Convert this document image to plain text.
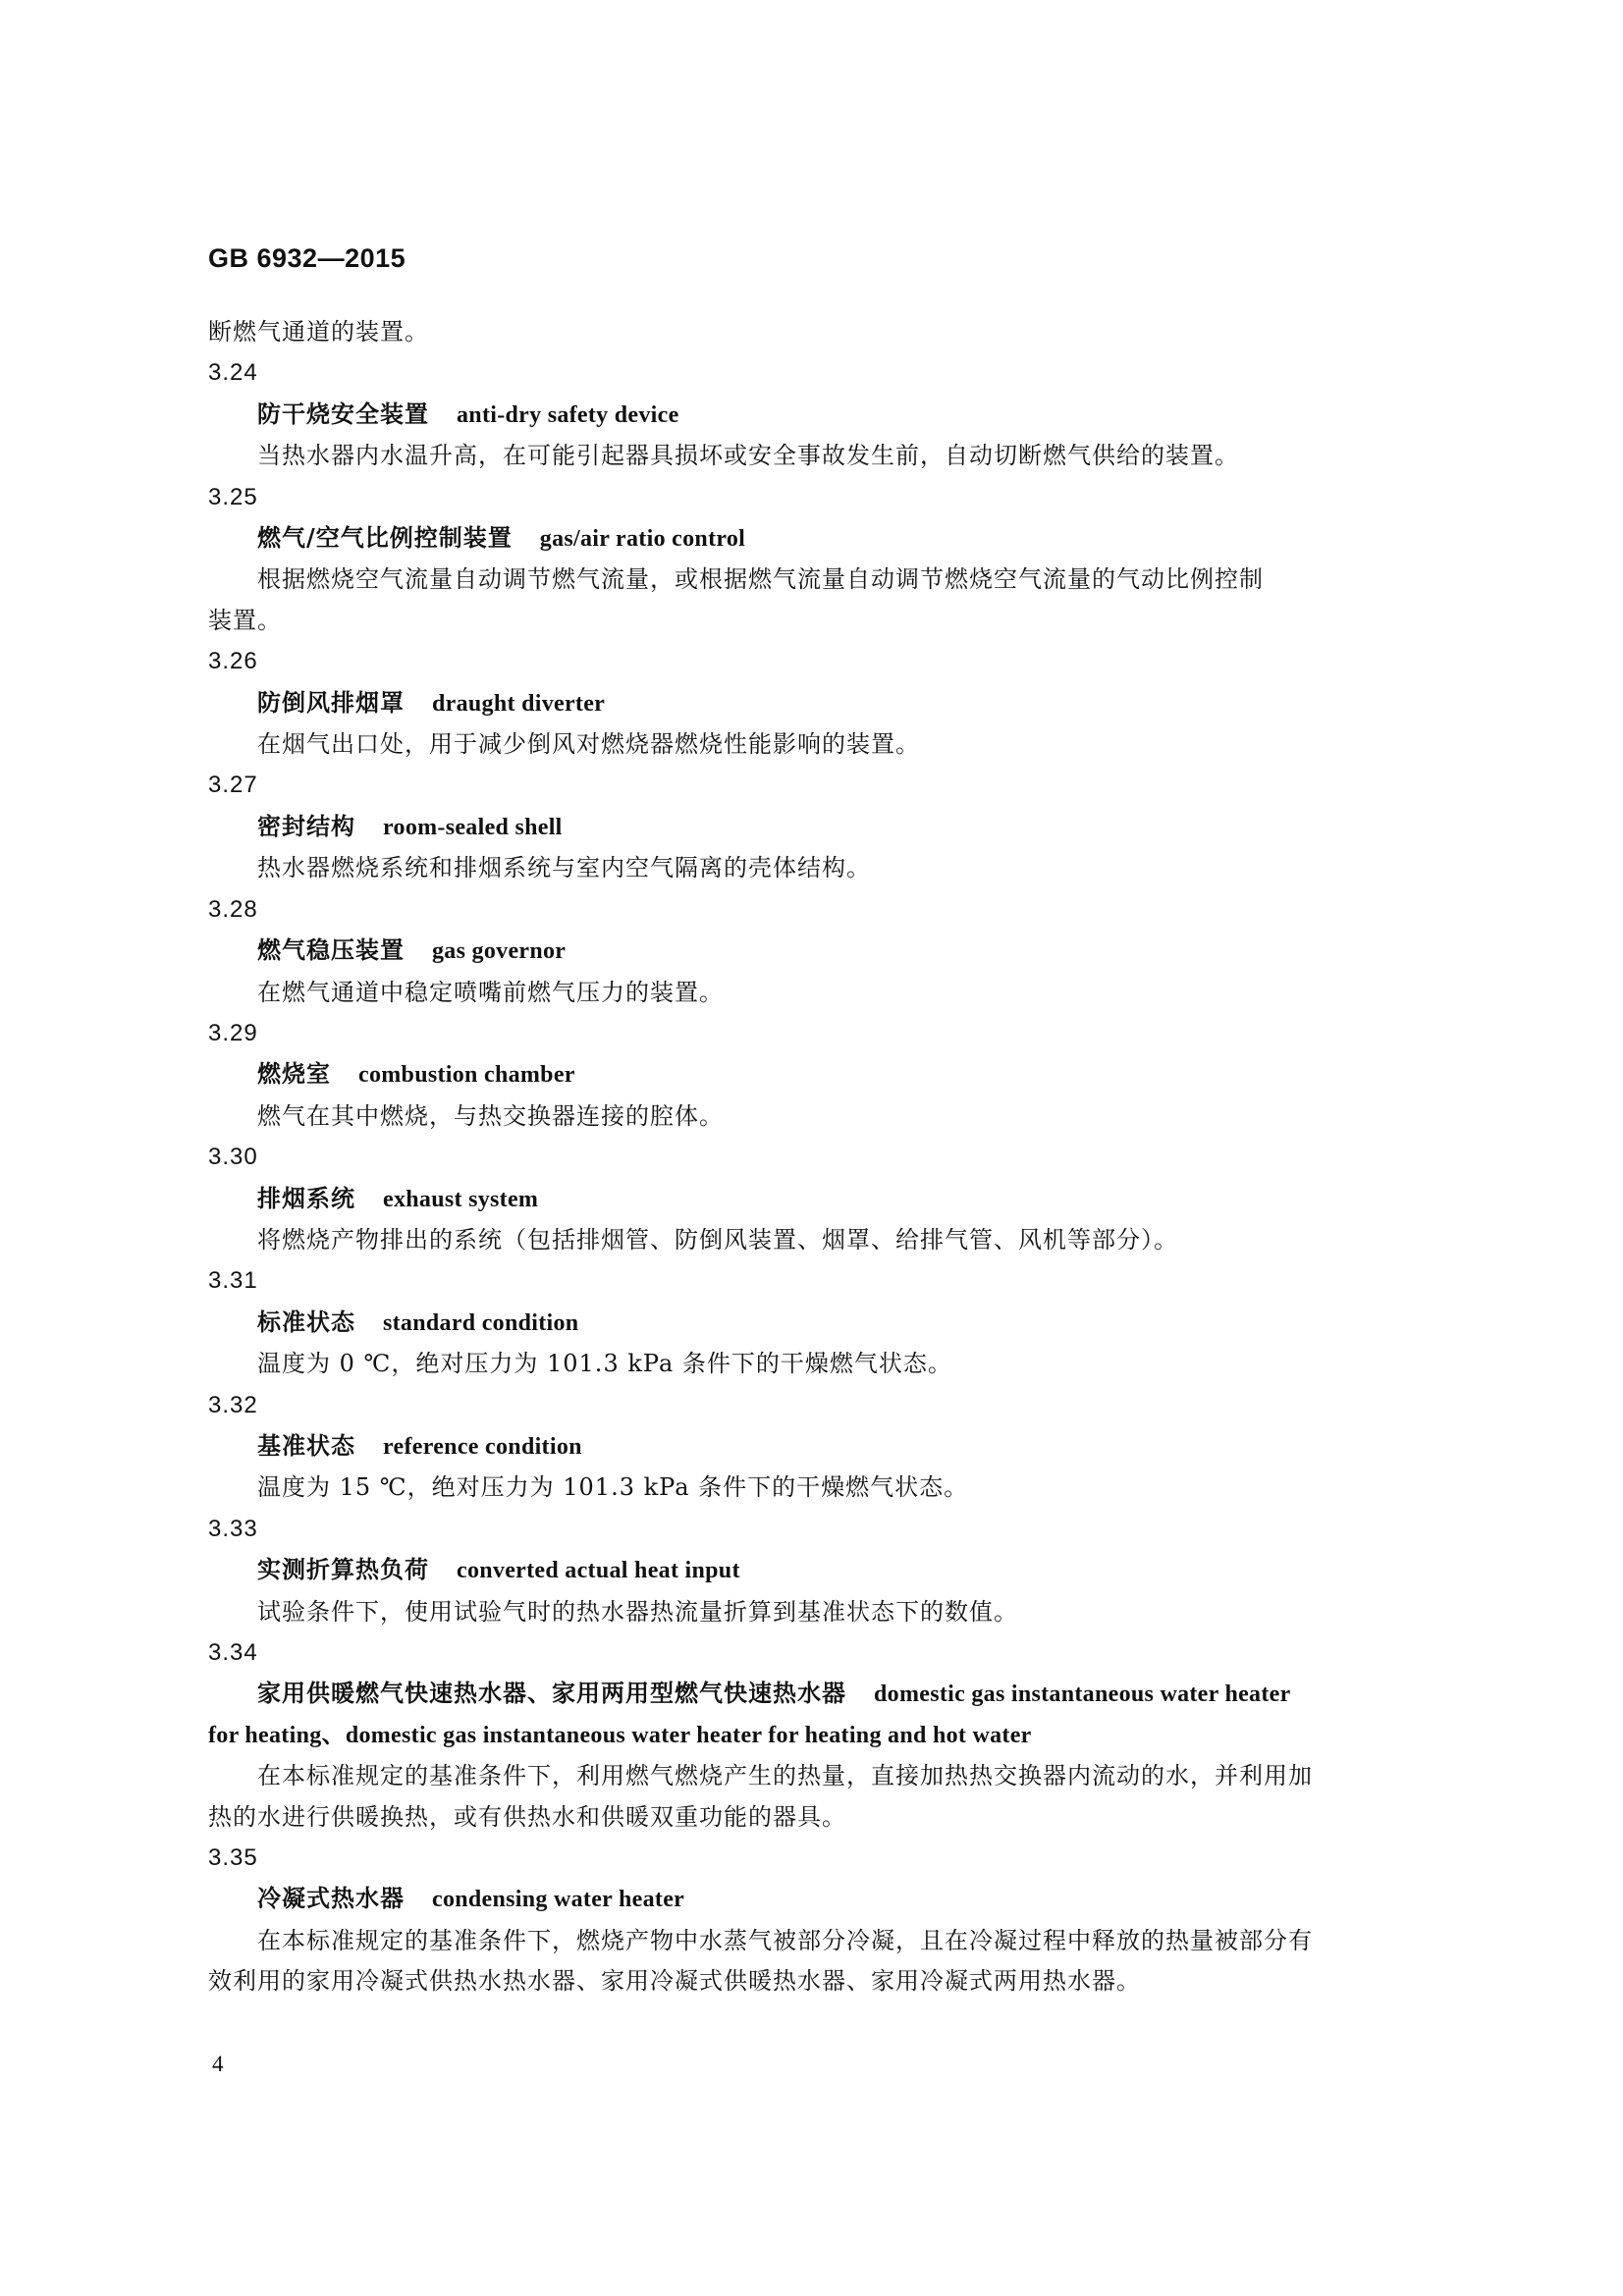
GB 6932—2015
断燃气通道的装置。
3.24
防干烧安全装置 anti-dry safety device
当热水器内水温升高，在可能引起器具损坏或安全事故发生前，自动切断燃气供给的装置。
3.25
燃气/空气比例控制装置 gas/air ratio control
根据燃烧空气流量自动调节燃气流量，或根据燃气流量自动调节燃烧空气流量的气动比例控制
装置。
3.26
防倒风排烟罩 draught diverter
在烟气出口处，用于减少倒风对燃烧器燃烧性能影响的装置。
3.27
密封结构 room-sealed shell
热水器燃烧系统和排烟系统与室内空气隔离的壳体结构。
3.28
燃气稳压装置 gas governor
在燃气通道中稳定喷嘴前燃气压力的装置。
3.29
燃烧室 combustion chamber
燃气在其中燃烧，与热交换器连接的腔体。
3.30
排烟系统 exhaust system
将燃烧产物排出的系统（包括排烟管、防倒风装置、烟罩、给排气管、风机等部分）。
3.31
标准状态 standard condition
温度为 0 ℃，绝对压力为 101.3 kPa 条件下的干燥燃气状态。
3.32
基准状态 reference condition
温度为 15 ℃，绝对压力为 101.3 kPa 条件下的干燥燃气状态。
3.33
实测折算热负荷 converted actual heat input
试验条件下，使用试验气时的热水器热流量折算到基准状态下的数值。
3.34
家用供暖燃气快速热水器、家用两用型燃气快速热水器 domestic gas instantaneous water heater
for heating、domestic gas instantaneous water heater for heating and hot water
在本标准规定的基准条件下，利用燃气燃烧产生的热量，直接加热热交换器内流动的水，并利用加
热的水进行供暖换热，或有供热水和供暖双重功能的器具。
3.35
冷凝式热水器 condensing water heater
在本标准规定的基准条件下，燃烧产物中水蒸气被部分冷凝，且在冷凝过程中释放的热量被部分有
效利用的家用冷凝式供热水热水器、家用冷凝式供暖热水器、家用冷凝式两用热水器。
4
